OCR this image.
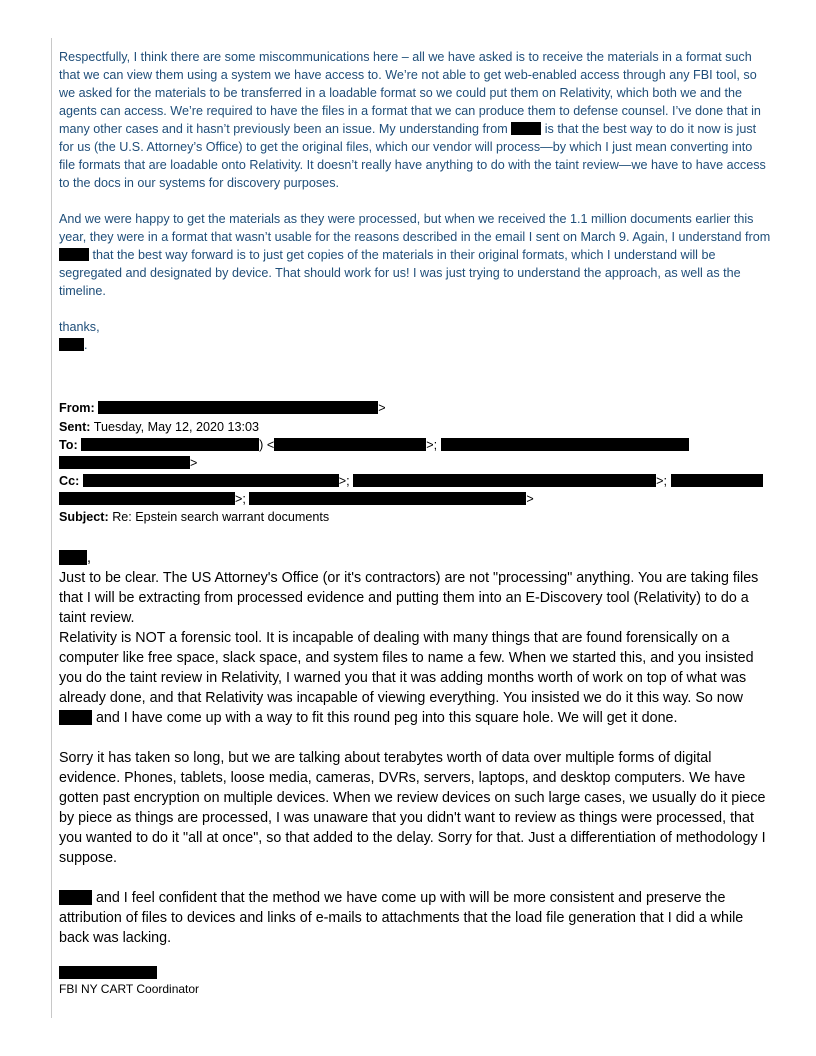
Respectfully, I think there are some miscommunications here – all we have asked is to receive the materials in a format such that we can view them using a system we have access to. We’re not able to get web-enabled access through any FBI tool, so we asked for the materials to be transferred in a loadable format so we could put them on Relativity, which both we and the agents can access. We’re required to have the files in a format that we can produce them to defense counsel. I’ve done that in many other cases and it hasn’t previously been an issue. My understanding from	is that the best way to do it now is just for us (the U.S. Attorney’s Office) to get the original files, which our vendor will process—by which I just mean converting into file formats that are loadable onto Relativity. It doesn’t really have anything to do with the taint review—we have to have access to the docs in our systems for discovery purposes.

And we were happy to get the materials as they were processed, but when we received the 1.1 million documents earlier this year, they were in a format that wasn’t usable for the reasons described in the email I sent on March 9. Again, I understand from  that the best way forward is to just get copies of the materials in their original formats, which I understand will be segregated and designated by device. That should work for us! I was just trying to understand the approach, as well as the timeline.

thanks,

.

From:	>
Sent: Tuesday, May 12, 2020 13:03
To:	) <	>;
>
Cc:	>;	>;
>;	>
Subject: Re: Epstein search warrant documents

,

Just to be clear. The US Attorney's Office (or it's contractors) are not "processing" anything. You are taking files that I will be extracting from processed evidence and putting them into an E-Discovery tool (Relativity) to do a taint review.

Relativity is NOT a forensic tool. It is incapable of dealing with many things that are found forensically on a computer like free space, slack space, and system files to name a few. When we started this, and you insisted you do the taint review in Relativity, I warned you that it was adding months worth of work on top of what was already done, and that Relativity was incapable of viewing everything. You insisted we do it this way. So now  and I have come up with a way to fit this round peg into this square hole. We will get it done.

Sorry it has taken so long, but we are talking about terabytes worth of data over multiple forms of digital evidence. Phones, tablets, loose media, cameras, DVRs, servers, laptops, and desktop computers. We have gotten past encryption on multiple devices. When we review devices on such large cases, we usually do it piece by piece as things are processed, I was unaware that you didn't want to review as things were processed, that you wanted to do it "all at once", so that added to the delay. Sorry for that. Just a differentiation of methodology I suppose.

and I feel confident that the method we have come up with will be more consistent and preserve the attribution of files to devices and links of e-mails to attachments that the load file generation that I did a while back was lacking.

FBI NY CART Coordinator
